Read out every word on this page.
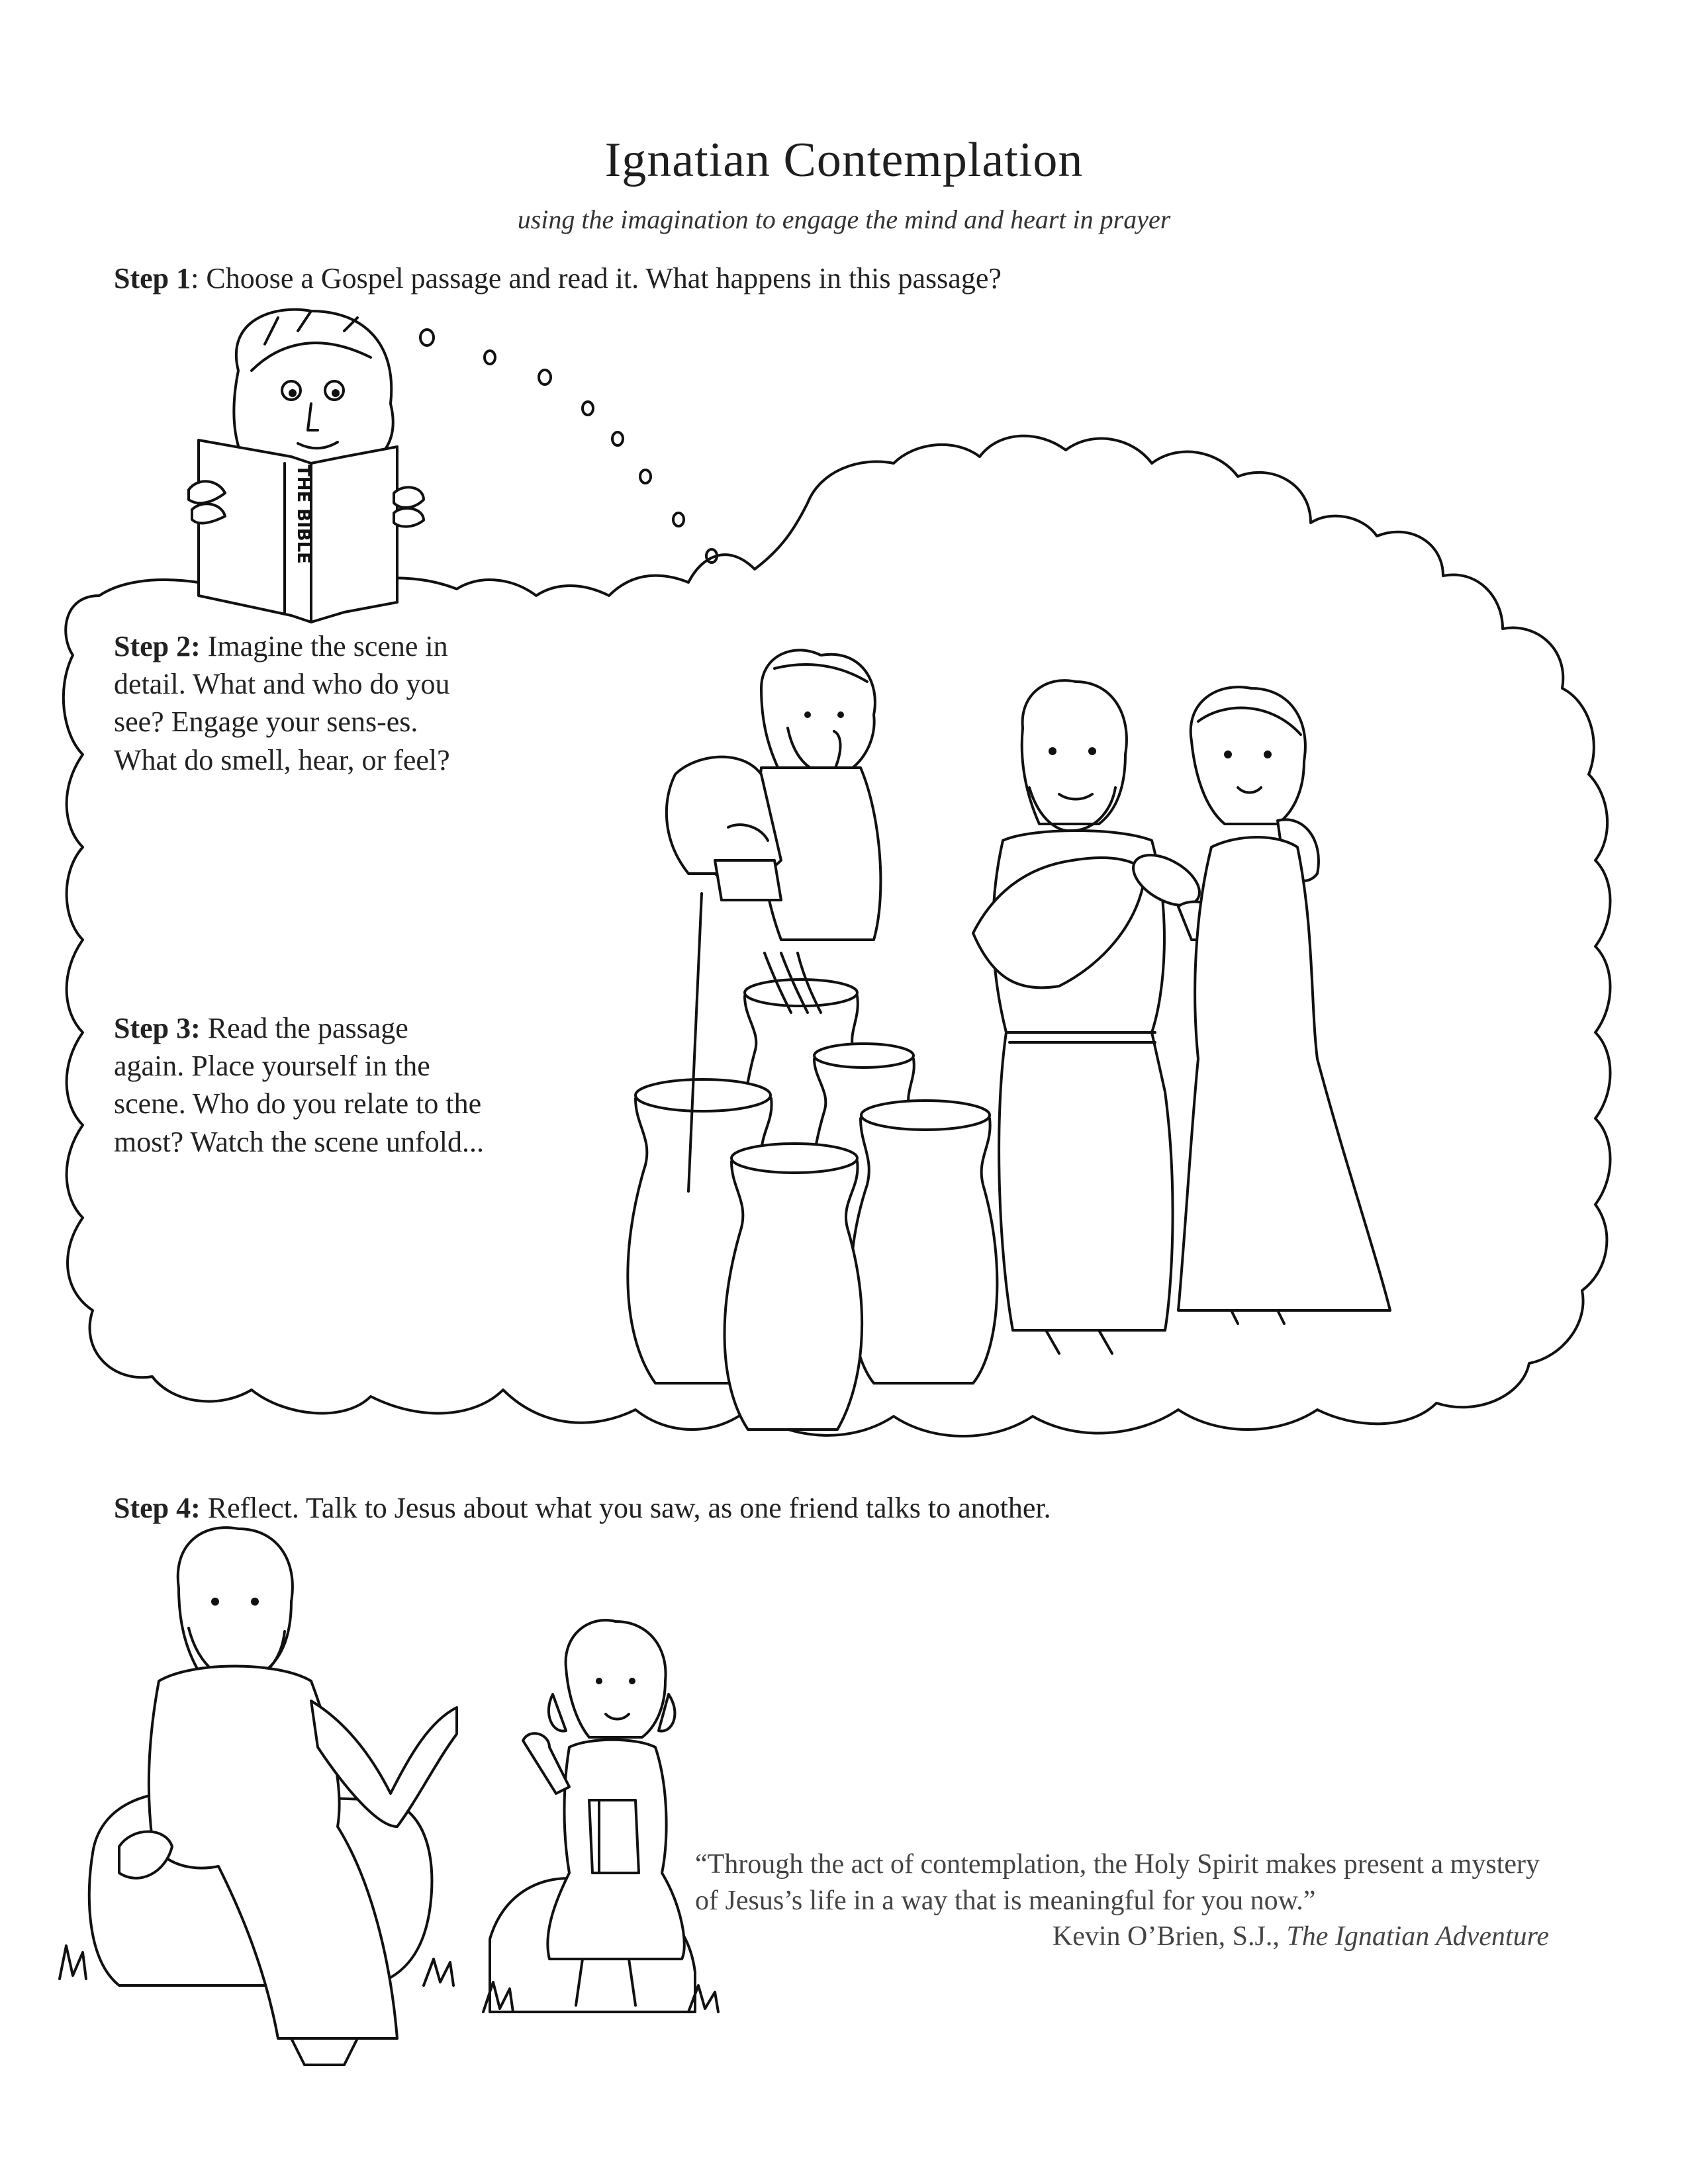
THE BIBLE
Ignatian Contemplation
using the imagination to engage the mind and heart in prayer
Step 1: Choose a Gospel passage and read it. What happens in this passage?
Step 2: Imagine the scene in detail. What and who do you see? Engage your sens-es. What do smell, hear, or feel?
Step 3: Read the passage again. Place yourself in the scene. Who do you relate to the most? Watch the scene unfold...
Step 4: Reflect. Talk to Jesus about what you saw, as one friend talks to another.
“Through the act of contemplation, the Holy Spirit makes present a mystery of Jesus’s life in a way that is meaningful for you now.”
Kevin O’Brien, S.J., The Ignatian Adventure
